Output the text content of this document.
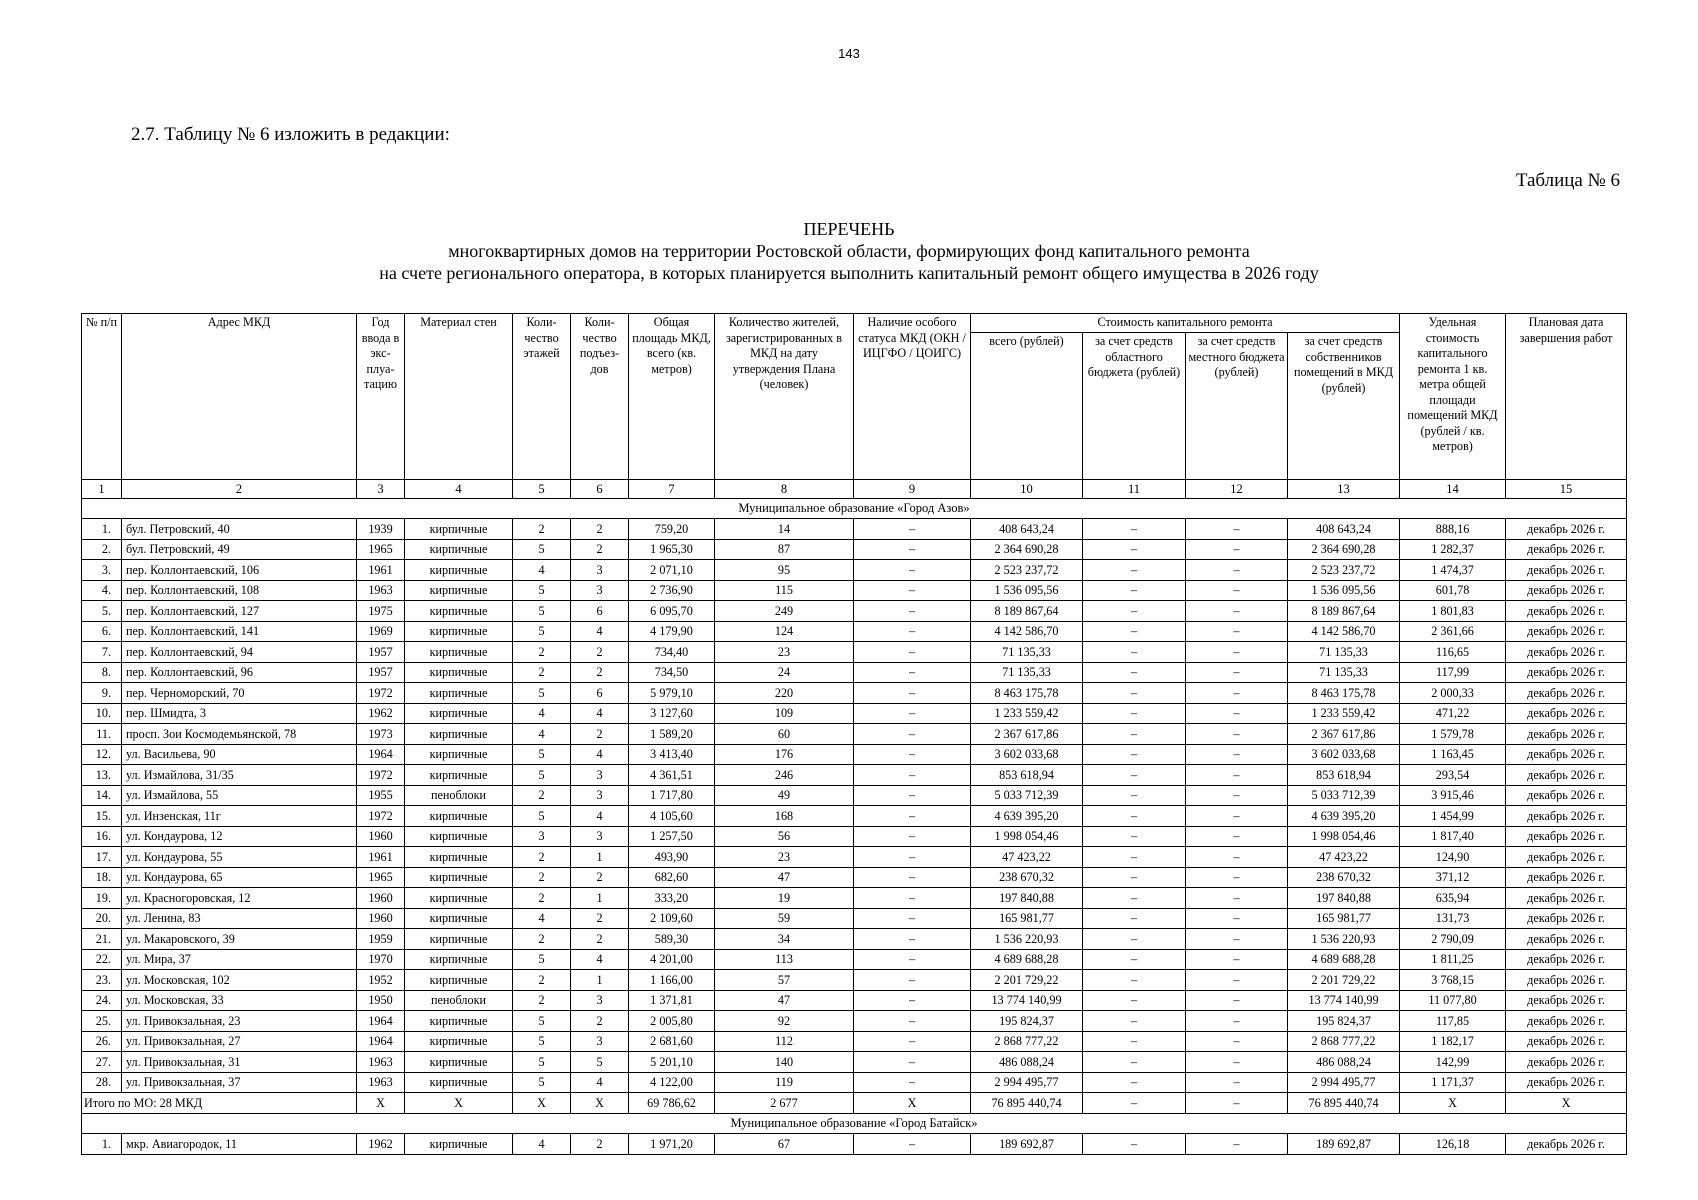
143
2.7. Таблицу № 6 изложить в редакции:
Таблица № 6
ПЕРЕЧЕНЬ
многоквартирных домов на территории Ростовской области, формирующих фонд капитального ремонта
на счете регионального оператора, в которых планируется выполнить капитальный ремонт общего имущества в 2026 году
№ п/п	Адрес МКД	Год ввода в экс-плуа-тацию	Материал стен	Коли-чество этажей	Коли-чество подъез-дов	Общая площадь МКД, всего (кв. метров)	Количество жителей, зарегистрированных в МКД на дату утверждения Плана (человек)	Наличие особого статуса МКД (ОКН / ИЦГФО / ЦОИГС)	Стоимость капитального ремонта				Удельная стоимость капитального ремонта 1 кв. метра общей площади помещений МКД (рублей / кв. метров)	Плановая дата завершения работ
									всего (рублей)	за счет средств областного бюджета (рублей)	за счет средств местного бюджета (рублей)	за счет средств собственников помещений в МКД (рублей)		
1	2	3	4	5	6	7	8	9	10	11	12	13	14	15
Муниципальное образование «Город Азов»														
1.	бул. Петровский, 40	1939	кирпичные	2	2	759,20	14	–	408 643,24	–	–	408 643,24	888,16	декабрь 2026 г.
2.	бул. Петровский, 49	1965	кирпичные	5	2	1 965,30	87	–	2 364 690,28	–	–	2 364 690,28	1 282,37	декабрь 2026 г.
3.	пер. Коллонтаевский, 106	1961	кирпичные	4	3	2 071,10	95	–	2 523 237,72	–	–	2 523 237,72	1 474,37	декабрь 2026 г.
4.	пер. Коллонтаевский, 108	1963	кирпичные	5	3	2 736,90	115	–	1 536 095,56	–	–	1 536 095,56	601,78	декабрь 2026 г.
5.	пер. Коллонтаевский, 127	1975	кирпичные	5	6	6 095,70	249	–	8 189 867,64	–	–	8 189 867,64	1 801,83	декабрь 2026 г.
6.	пер. Коллонтаевский, 141	1969	кирпичные	5	4	4 179,90	124	–	4 142 586,70	–	–	4 142 586,70	2 361,66	декабрь 2026 г.
7.	пер. Коллонтаевский, 94	1957	кирпичные	2	2	734,40	23	–	71 135,33	–	–	71 135,33	116,65	декабрь 2026 г.
8.	пер. Коллонтаевский, 96	1957	кирпичные	2	2	734,50	24	–	71 135,33	–	–	71 135,33	117,99	декабрь 2026 г.
9.	пер. Черноморский, 70	1972	кирпичные	5	6	5 979,10	220	–	8 463 175,78	–	–	8 463 175,78	2 000,33	декабрь 2026 г.
10.	пер. Шмидта, 3	1962	кирпичные	4	4	3 127,60	109	–	1 233 559,42	–	–	1 233 559,42	471,22	декабрь 2026 г.
11.	просп. Зои Космодемьянской, 78	1973	кирпичные	4	2	1 589,20	60	–	2 367 617,86	–	–	2 367 617,86	1 579,78	декабрь 2026 г.
12.	ул. Васильева, 90	1964	кирпичные	5	4	3 413,40	176	–	3 602 033,68	–	–	3 602 033,68	1 163,45	декабрь 2026 г.
13.	ул. Измайлова, 31/35	1972	кирпичные	5	3	4 361,51	246	–	853 618,94	–	–	853 618,94	293,54	декабрь 2026 г.
14.	ул. Измайлова, 55	1955	пеноблоки	2	3	1 717,80	49	–	5 033 712,39	–	–	5 033 712,39	3 915,46	декабрь 2026 г.
15.	ул. Инзенская, 11г	1972	кирпичные	5	4	4 105,60	168	–	4 639 395,20	–	–	4 639 395,20	1 454,99	декабрь 2026 г.
16.	ул. Кондаурова, 12	1960	кирпичные	3	3	1 257,50	56	–	1 998 054,46	–	–	1 998 054,46	1 817,40	декабрь 2026 г.
17.	ул. Кондаурова, 55	1961	кирпичные	2	1	493,90	23	–	47 423,22	–	–	47 423,22	124,90	декабрь 2026 г.
18.	ул. Кондаурова, 65	1965	кирпичные	2	2	682,60	47	–	238 670,32	–	–	238 670,32	371,12	декабрь 2026 г.
19.	ул. Красногоровская, 12	1960	кирпичные	2	1	333,20	19	–	197 840,88	–	–	197 840,88	635,94	декабрь 2026 г.
20.	ул. Ленина, 83	1960	кирпичные	4	2	2 109,60	59	–	165 981,77	–	–	165 981,77	131,73	декабрь 2026 г.
21.	ул. Макаровского, 39	1959	кирпичные	2	2	589,30	34	–	1 536 220,93	–	–	1 536 220,93	2 790,09	декабрь 2026 г.
22.	ул. Мира, 37	1970	кирпичные	5	4	4 201,00	113	–	4 689 688,28	–	–	4 689 688,28	1 811,25	декабрь 2026 г.
23.	ул. Московская, 102	1952	кирпичные	2	1	1 166,00	57	–	2 201 729,22	–	–	2 201 729,22	3 768,15	декабрь 2026 г.
24.	ул. Московская, 33	1950	пеноблоки	2	3	1 371,81	47	–	13 774 140,99	–	–	13 774 140,99	11 077,80	декабрь 2026 г.
25.	ул. Привокзальная, 23	1964	кирпичные	5	2	2 005,80	92	–	195 824,37	–	–	195 824,37	117,85	декабрь 2026 г.
26.	ул. Привокзальная, 27	1964	кирпичные	5	3	2 681,60	112	–	2 868 777,22	–	–	2 868 777,22	1 182,17	декабрь 2026 г.
27.	ул. Привокзальная, 31	1963	кирпичные	5	5	5 201,10	140	–	486 088,24	–	–	486 088,24	142,99	декабрь 2026 г.
28.	ул. Привокзальная, 37	1963	кирпичные	5	4	4 122,00	119	–	2 994 495,77	–	–	2 994 495,77	1 171,37	декабрь 2026 г.
Итого по МО: 28 МКД		X	X	X	X	69 786,62	2 677	X	76 895 440,74	–	–	76 895 440,74	X	X
Муниципальное образование «Город Батайск»														
1.	мкр. Авиагородок, 11	1962	кирпичные	4	2	1 971,20	67	–	189 692,87	–	–	189 692,87	126,18	декабрь 2026 г.
